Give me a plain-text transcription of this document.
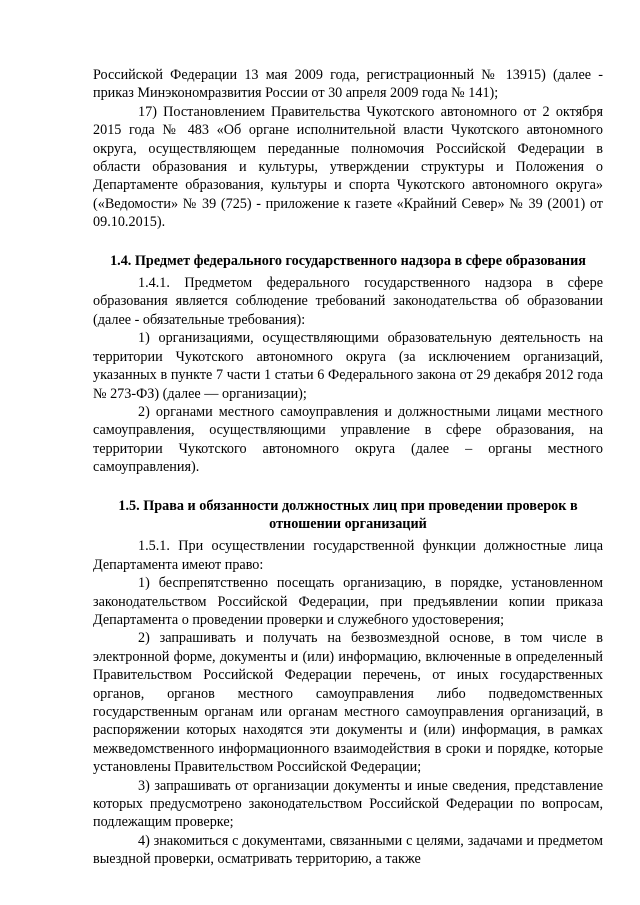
Российской Федерации 13 мая 2009 года, регистрационный № 13915) (далее - приказ Минэкономразвития России от 30 апреля 2009 года № 141);

17) Постановлением Правительства Чукотского автономного от 2 октября 2015 года № 483 «Об органе исполнительной власти Чукотского автономного округа, осуществляющем переданные полномочия Российской Федерации в области образования и культуры, утверждении структуры и Положения о Департаменте образования, культуры и спорта Чукотского автономного округа» («Ведомости» № 39 (725) - приложение к газете «Крайний Север» № 39 (2001) от 09.10.2015).

1.4. Предмет федерального государственного надзора в сфере образования

1.4.1. Предметом федерального государственного надзора в сфере образования является соблюдение требований законодательства об образовании (далее - обязательные требования):

1) организациями, осуществляющими образовательную деятельность на территории Чукотского автономного округа (за исключением организаций, указанных в пункте 7 части 1 статьи 6 Федерального закона от 29 декабря 2012 года № 273-ФЗ) (далее — организации);

2) органами местного самоуправления и должностными лицами местного самоуправления, осуществляющими управление в сфере образования, на территории Чукотского автономного округа (далее – органы местного самоуправления).

1.5. Права и обязанности должностных лиц при проведении проверок в отношении организаций

1.5.1. При осуществлении государственной функции должностные лица Департамента имеют право:

1) беспрепятственно посещать организацию, в порядке, установленном законодательством Российской Федерации, при предъявлении копии приказа Департамента о проведении проверки и служебного удостоверения;

2) запрашивать и получать на безвозмездной основе, в том числе в электронной форме, документы и (или) информацию, включенные в определенный Правительством Российской Федерации перечень, от иных государственных органов, органов местного самоуправления либо подведомственных государственным органам или органам местного самоуправления организаций, в распоряжении которых находятся эти документы и (или) информация, в рамках межведомственного информационного взаимодействия в сроки и порядке, которые установлены Правительством Российской Федерации;

3) запрашивать от организации документы и иные сведения, представление которых предусмотрено законодательством Российской Федерации по вопросам, подлежащим проверке;

4) знакомиться с документами, связанными с целями, задачами и предметом выездной проверки, осматривать территорию, а также
